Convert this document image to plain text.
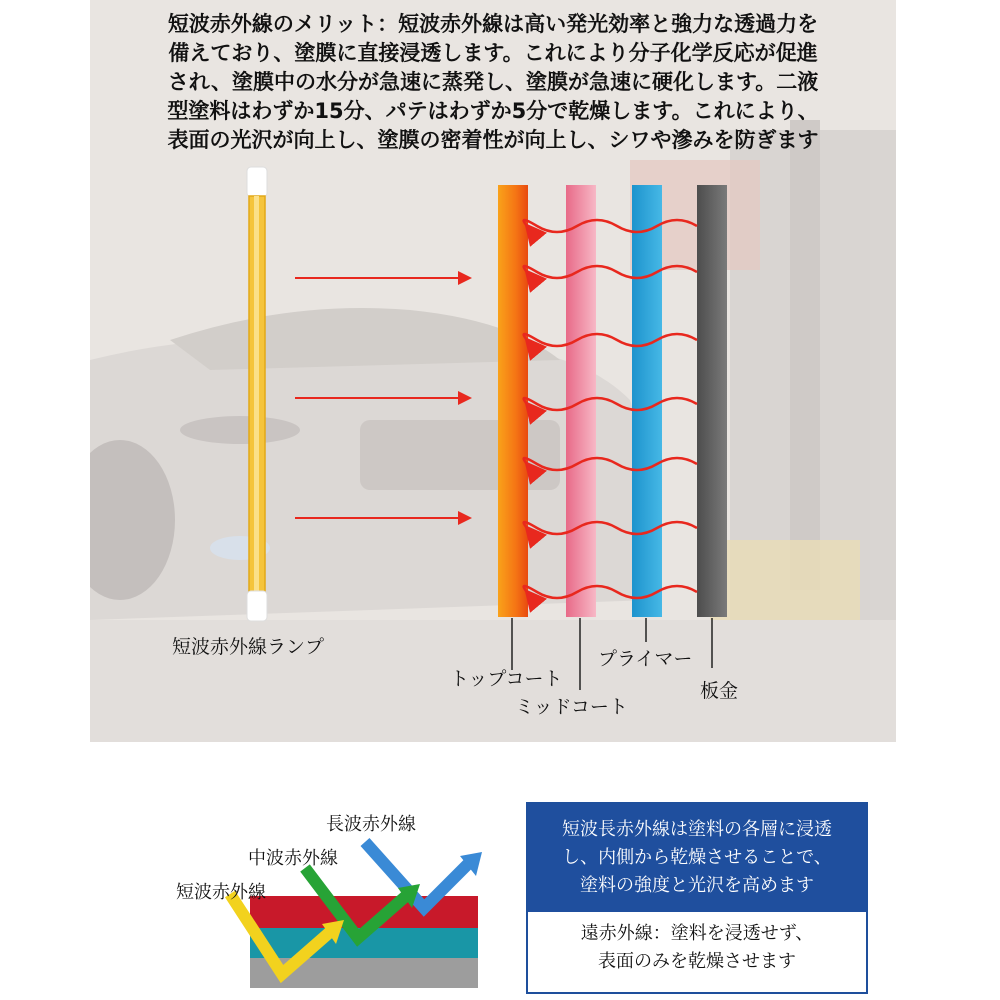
短波赤外線のメリット：短波赤外線は高い発光効率と強力な透過力を
備えており、塗膜に直接浸透します。これにより分子化学反応が促進
され、塗膜中の水分が急速に蒸発し、塗膜が急速に硬化します。二液
型塗料はわずか15分、パテはわずか5分で乾燥します。これにより、
表面の光沢が向上し、塗膜の密着性が向上し、シワや滲みを防ぎます
短波赤外線ランプ
トップコート
ミッドコート
プライマー
板金
長波赤外線
中波赤外線
短波赤外線
短波長赤外線は塗料の各層に浸透
し、内側から乾燥させることで、
塗料の強度と光沢を高めます
遠赤外線：塗料を浸透せず、
表面のみを乾燥させます
